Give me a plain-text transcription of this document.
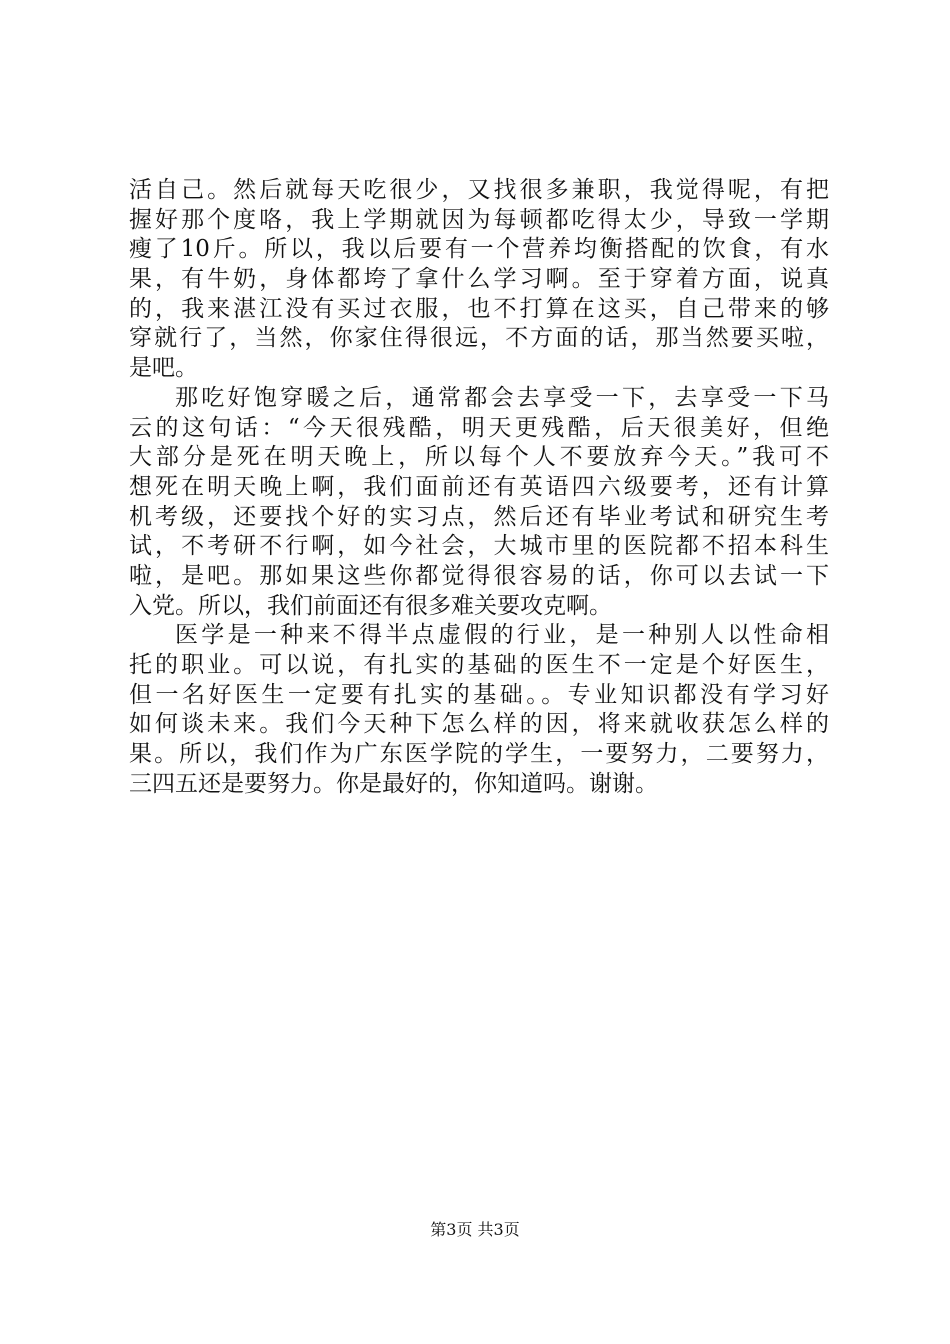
活自己。然后就每天吃很少，又找很多兼职，我觉得呢，有把
握好那个度咯，我上学期就因为每顿都吃得太少，导致一学期
瘦了10斤。所以，我以后要有一个营养均衡搭配的饮食，有水
果，有牛奶，身体都垮了拿什么学习啊。至于穿着方面，说真
的，我来湛江没有买过衣服，也不打算在这买，自己带来的够
穿就行了，当然，你家住得很远，不方面的话，那当然要买啦，
是吧。
那吃好饱穿暖之后，通常都会去享受一下，去享受一下马
云的这句话：“今天很残酷，明天更残酷，后天很美好，但绝
大部分是死在明天晚上，所以每个人不要放弃今天。”我可不
想死在明天晚上啊，我们面前还有英语四六级要考，还有计算
机考级，还要找个好的实习点，然后还有毕业考试和研究生考
试，不考研不行啊，如今社会，大城市里的医院都不招本科生
啦，是吧。那如果这些你都觉得很容易的话，你可以去试一下
入党。所以，我们前面还有很多难关要攻克啊。
医学是一种来不得半点虚假的行业，是一种别人以性命相
托的职业。可以说，有扎实的基础的医生不一定是个好医生，
但一名好医生一定要有扎实的基础。。专业知识都没有学习好
如何谈未来。我们今天种下怎么样的因，将来就收获怎么样的
果。所以，我们作为广东医学院的学生，一要努力，二要努力，
三四五还是要努力。你是最好的，你知道吗。谢谢。
第3页 共3页
